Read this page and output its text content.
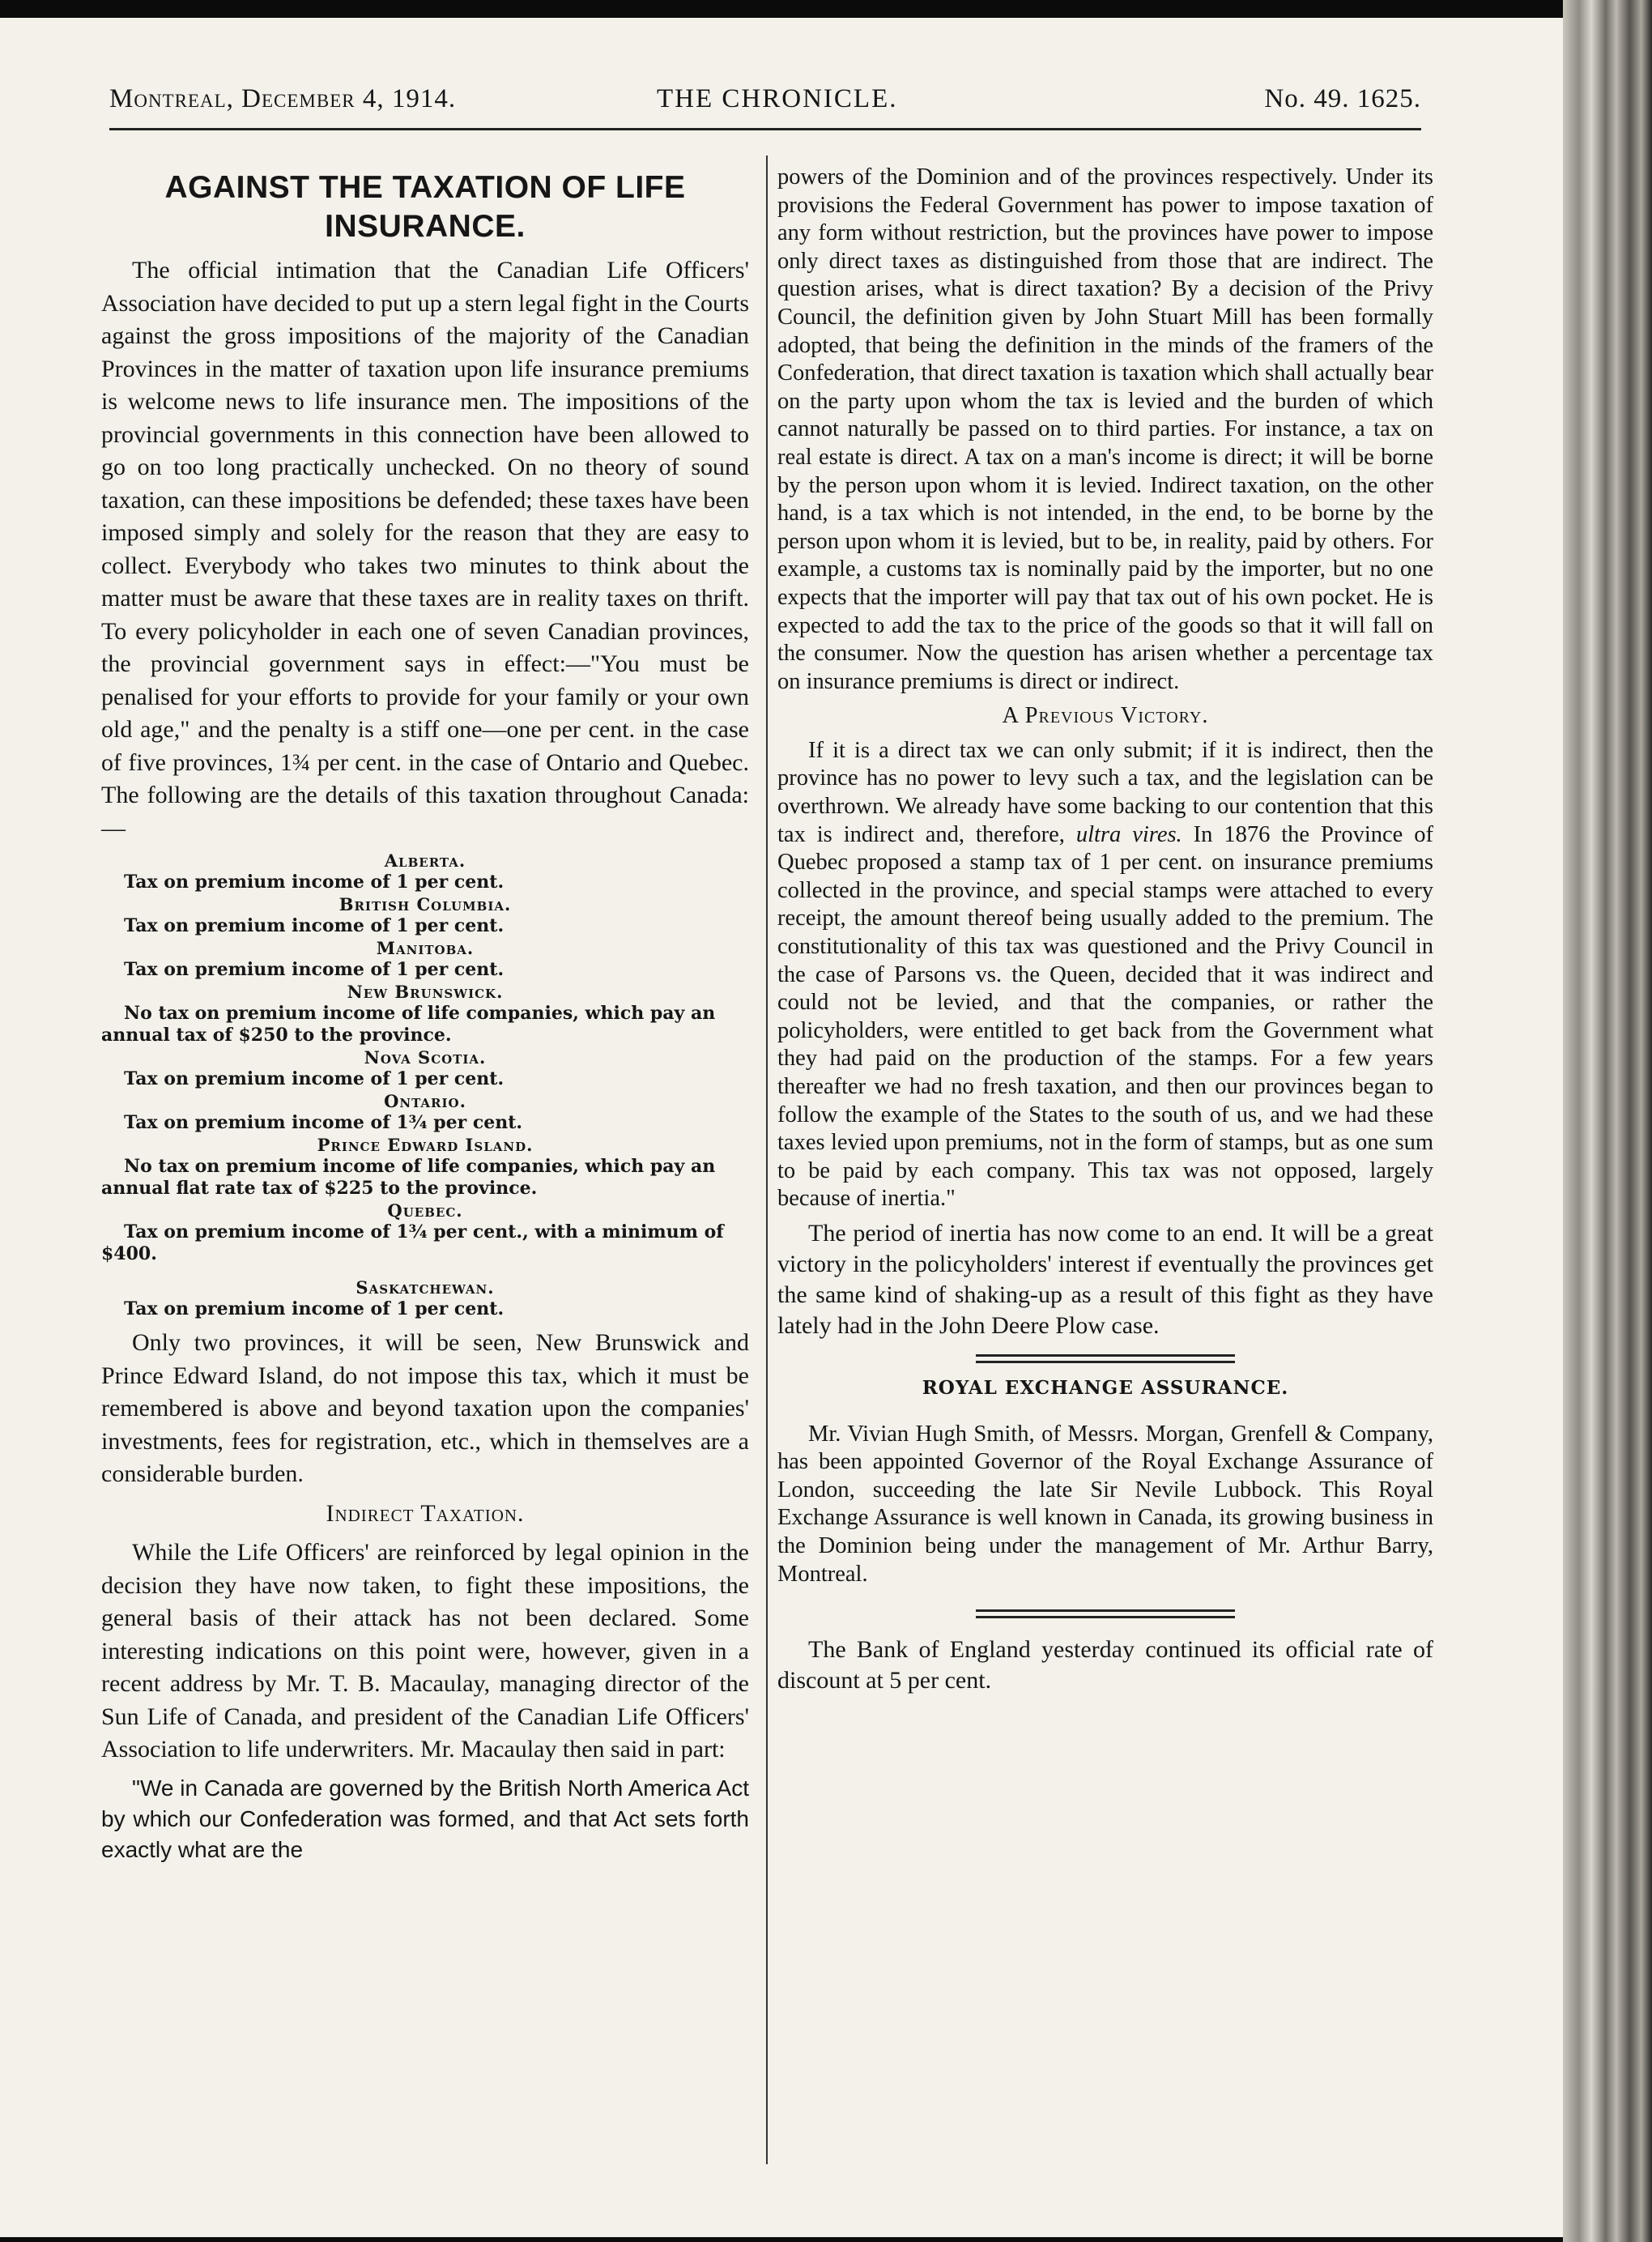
Montreal, December 4, 1914.	THE CHRONICLE.	No. 49. 1625.
AGAINST THE TAXATION OF LIFE INSURANCE.

The official intimation that the Canadian Life Officers' Association have decided to put up a stern legal fight in the Courts against the gross impositions of the majority of the Canadian Provinces in the matter of taxation upon life insurance premiums is welcome news to life insurance men. The impositions of the provincial governments in this connection have been allowed to go on too long practically unchecked. On no theory of sound taxation, can these impositions be defended; these taxes have been imposed simply and solely for the reason that they are easy to collect. Everybody who takes two minutes to think about the matter must be aware that these taxes are in reality taxes on thrift. To every policyholder in each one of seven Canadian provinces, the provincial government says in effect:—"You must be penalised for your efforts to provide for your family or your own old age," and the penalty is a stiff one—one per cent. in the case of five provinces, 1¾ per cent. in the case of Ontario and Quebec. The following are the details of this taxation throughout Canada:—

Alberta.
Tax on premium income of 1 per cent.
British Columbia.
Tax on premium income of 1 per cent.
Manitoba.
Tax on premium income of 1 per cent.
New Brunswick.
No tax on premium income of life companies, which pay an annual tax of $250 to the province.
Nova Scotia.
Tax on premium income of 1 per cent.
Ontario.
Tax on premium income of 1¾ per cent.
Prince Edward Island.
No tax on premium income of life companies, which pay an annual flat rate tax of $225 to the province.
Quebec.
Tax on premium income of 1¾ per cent., with a minimum of $400.
Saskatchewan.
Tax on premium income of 1 per cent.

Only two provinces, it will be seen, New Brunswick and Prince Edward Island, do not impose this tax, which it must be remembered is above and beyond taxation upon the companies' investments, fees for registration, etc., which in themselves are a considerable burden.

Indirect Taxation.

While the Life Officers' are reinforced by legal opinion in the decision they have now taken, to fight these impositions, the general basis of their attack has not been declared. Some interesting indications on this point were, however, given in a recent address by Mr. T. B. Macaulay, managing director of the Sun Life of Canada, and president of the Canadian Life Officers' Association to life underwriters. Mr. Macaulay then said in part:

"We in Canada are governed by the British North America Act by which our Confederation was formed, and that Act sets forth exactly what are the

powers of the Dominion and of the provinces respectively. Under its provisions the Federal Government has power to impose taxation of any form without restriction, but the provinces have power to impose only direct taxes as distinguished from those that are indirect. The question arises, what is direct taxation? By a decision of the Privy Council, the definition given by John Stuart Mill has been formally adopted, that being the definition in the minds of the framers of the Confederation, that direct taxation is taxation which shall actually bear on the party upon whom the tax is levied and the burden of which cannot naturally be passed on to third parties. For instance, a tax on real estate is direct. A tax on a man's income is direct; it will be borne by the person upon whom it is levied. Indirect taxation, on the other hand, is a tax which is not intended, in the end, to be borne by the person upon whom it is levied, but to be, in reality, paid by others. For example, a customs tax is nominally paid by the importer, but no one expects that the importer will pay that tax out of his own pocket. He is expected to add the tax to the price of the goods so that it will fall on the consumer. Now the question has arisen whether a percentage tax on insurance premiums is direct or indirect.

A Previous Victory.

If it is a direct tax we can only submit; if it is indirect, then the province has no power to levy such a tax, and the legislation can be overthrown. We already have some backing to our contention that this tax is indirect and, therefore, ultra vires. In 1876 the Province of Quebec proposed a stamp tax of 1 per cent. on insurance premiums collected in the province, and special stamps were attached to every receipt, the amount thereof being usually added to the premium. The constitutionality of this tax was questioned and the Privy Council in the case of Parsons vs. the Queen, decided that it was indirect and could not be levied, and that the companies, or rather the policyholders, were entitled to get back from the Government what they had paid on the production of the stamps. For a few years thereafter we had no fresh taxation, and then our provinces began to follow the example of the States to the south of us, and we had these taxes levied upon premiums, not in the form of stamps, but as one sum to be paid by each company. This tax was not opposed, largely because of inertia."

The period of inertia has now come to an end. It will be a great victory in the policyholders' interest if eventually the provinces get the same kind of shaking-up as a result of this fight as they have lately had in the John Deere Plow case.

ROYAL EXCHANGE ASSURANCE.

Mr. Vivian Hugh Smith, of Messrs. Morgan, Grenfell & Company, has been appointed Governor of the Royal Exchange Assurance of London, succeeding the late Sir Nevile Lubbock. This Royal Exchange Assurance is well known in Canada, its growing business in the Dominion being under the management of Mr. Arthur Barry, Montreal.

The Bank of England yesterday continued its official rate of discount at 5 per cent.
